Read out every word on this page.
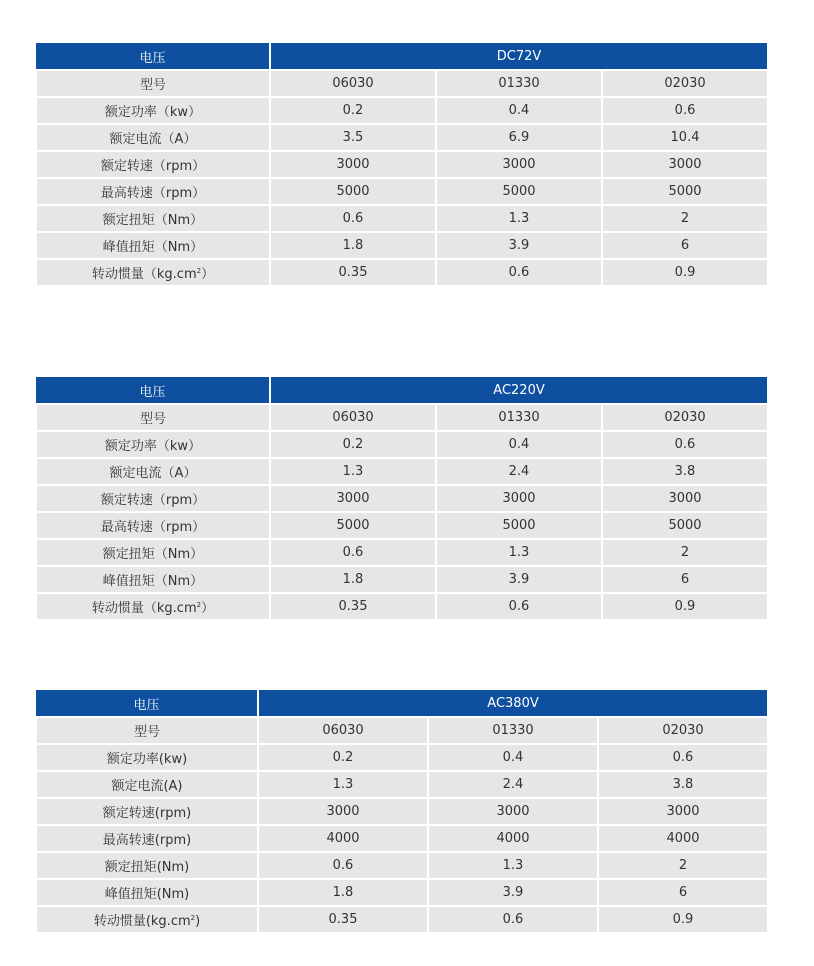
电压	DC72V		
型号	06030	01330	02030
额定功率（kw）	0.2	0.4	0.6
额定电流（A）	3.5	6.9	10.4
额定转速（rpm）	3000	3000	3000
最高转速（rpm）	5000	5000	5000
额定扭矩（Nm）	0.6	1.3	2
峰值扭矩（Nm）	1.8	3.9	6
转动惯量$(kg.cm^2)$	0.35	0.6	0.9
电压	AC220V		
型号	06030	01330	02030
额定功率（kw）	0.2	0.4	0.6
额定电流（A）	1.3	2.4	3.8
额定转速（rpm）	3000	3000	3000
最高转速（rpm）	5000	5000	5000
额定扭矩（Nm）	0.6	1.3	2
峰值扭矩（Nm）	1.8	3.9	6
转动惯量$(kg.cm^2)$	0.35	0.6	0.9
电压	AC380V		
型号	06030	01330	02030
额定功率(kw)	0.2	0.4	0.6
额定电流(A)	1.3	2.4	3.8
额定转速(rpm)	3000	3000	3000
最高转速(rpm)	4000	4000	4000
额定扭矩(Nm)	0.6	1.3	2
峰值扭矩(Nm)	1.8	3.9	6
转动惯量$(kg.cm^2)$	0.35	0.6	0.9
